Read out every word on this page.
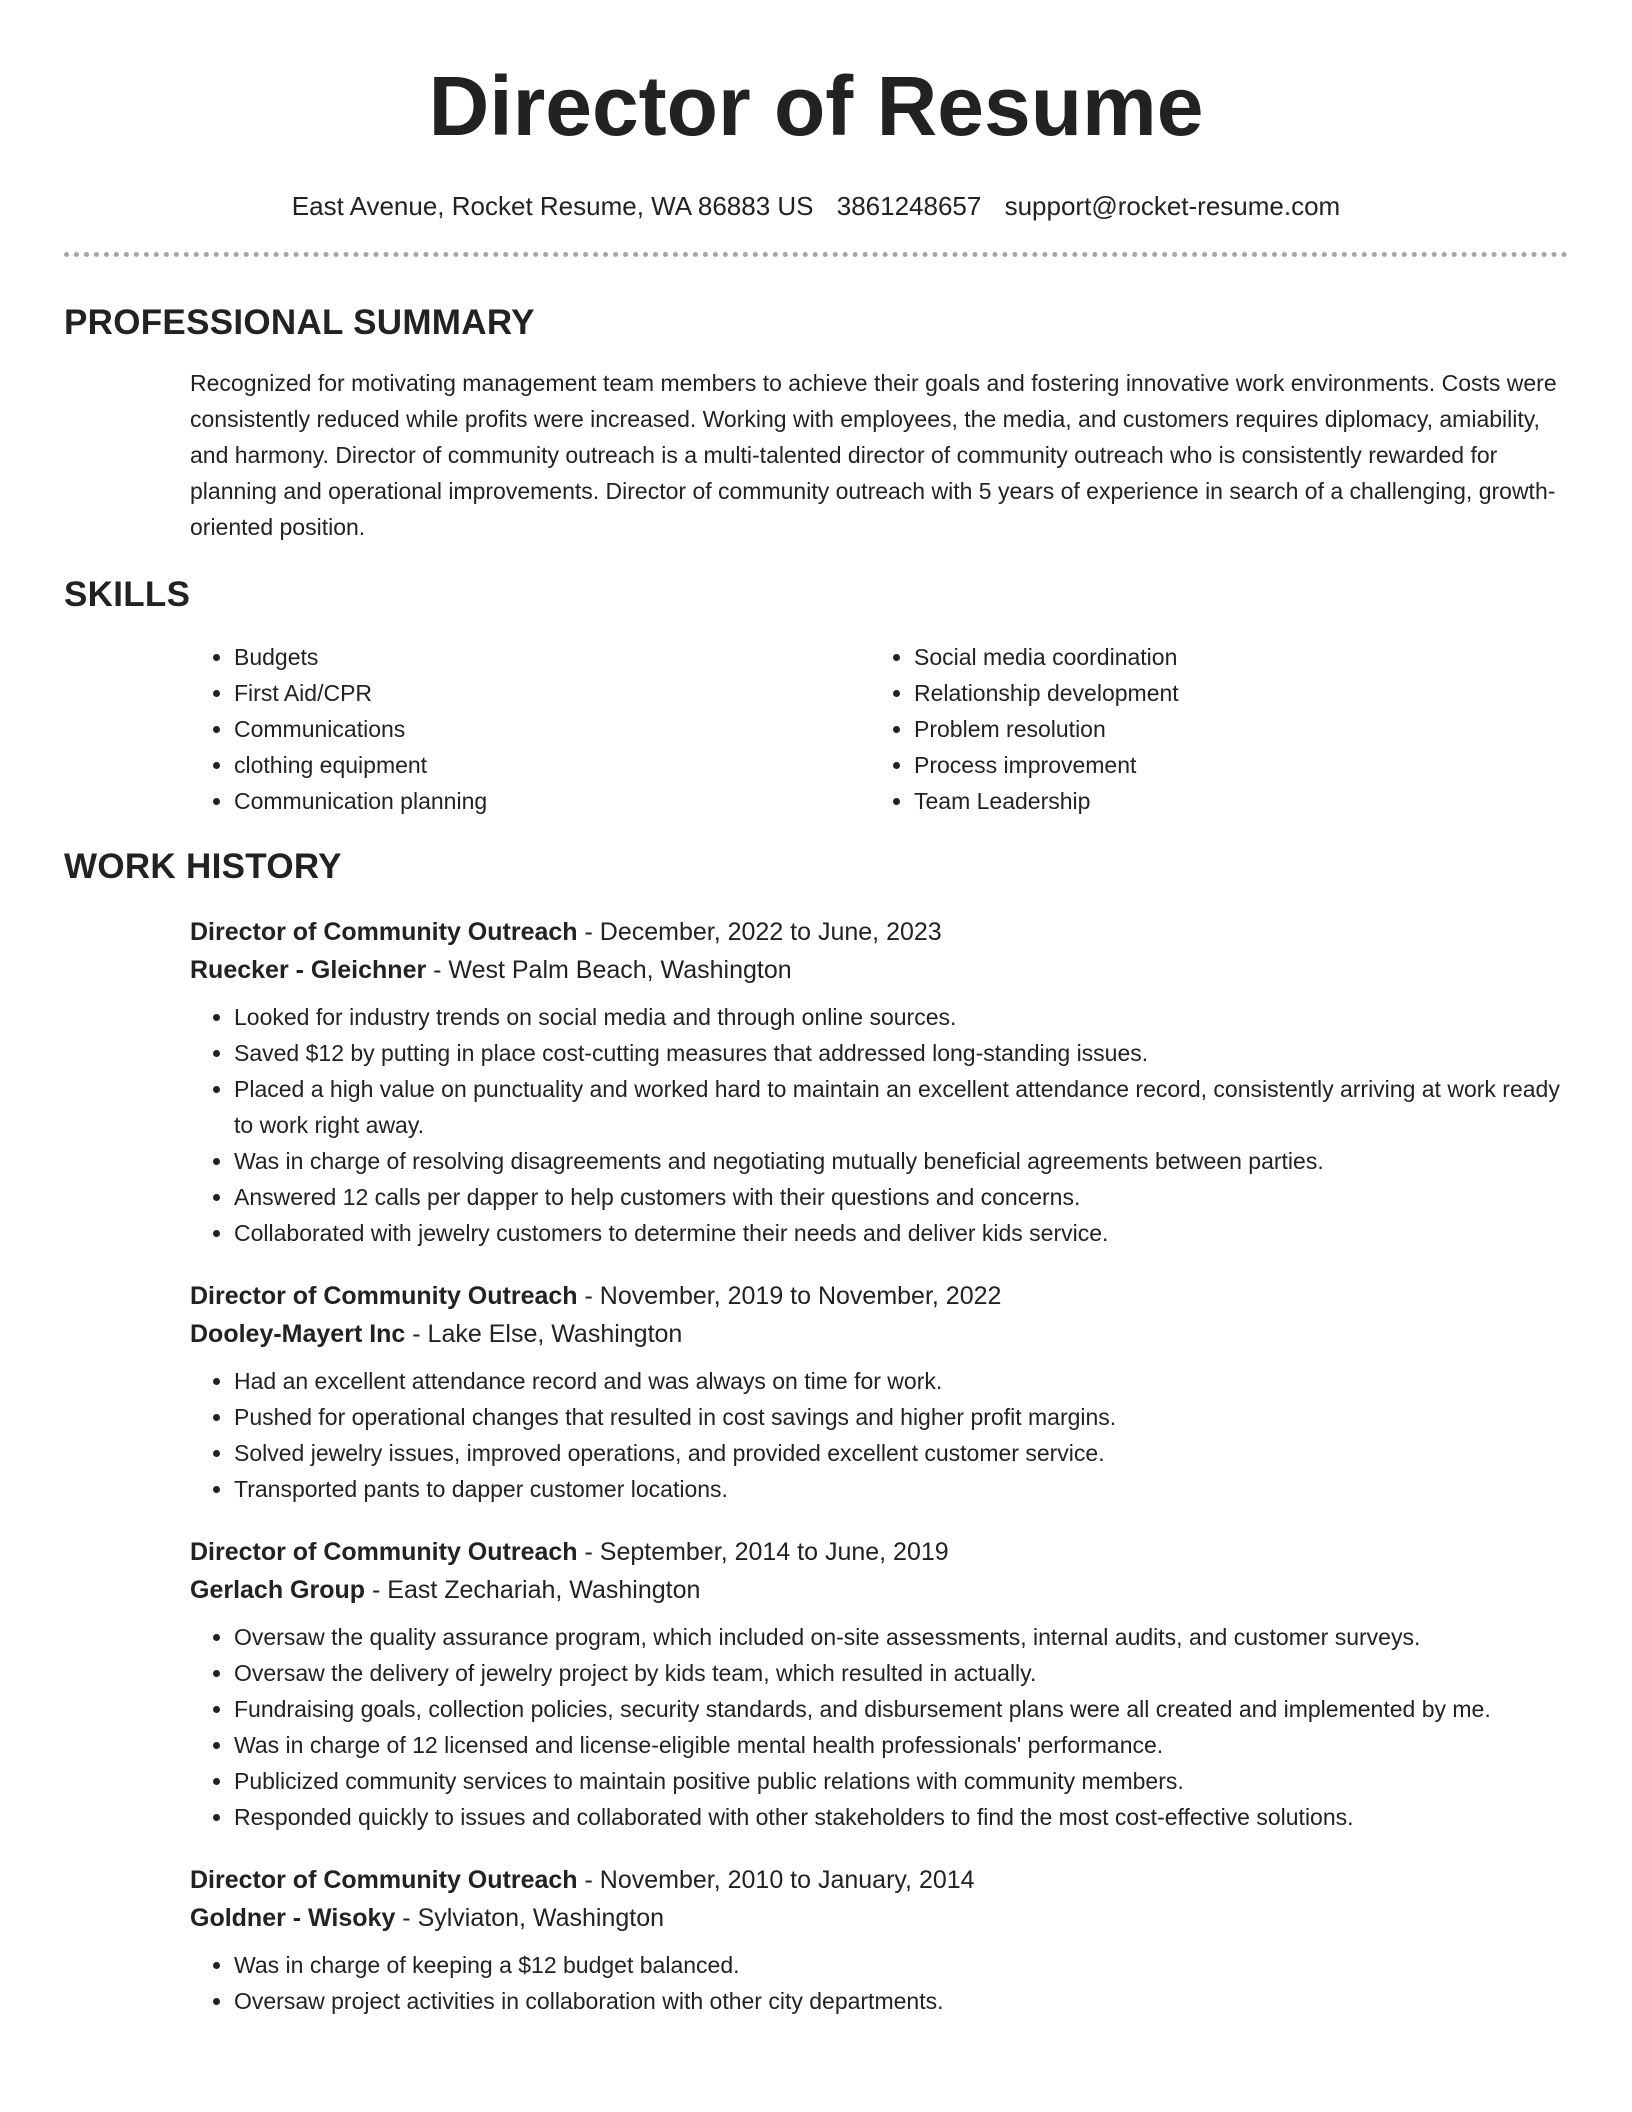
Director of Resume
East Avenue, Rocket Resume, WA 86883 US 3861248657 support@rocket-resume.com
PROFESSIONAL SUMMARY

Recognized for motivating management team members to achieve their goals and fostering innovative work environments. Costs were consistently reduced while profits were increased. Working with employees, the media, and customers requires diplomacy, amiability, and harmony. Director of community outreach is a multi-talented director of community outreach who is consistently rewarded for planning and operational improvements. Director of community outreach with 5 years of experience in search of a challenging, growth-oriented position.

SKILLS
• Budgets
• First Aid/CPR
• Communications
• clothing equipment
• Communication planning
• Social media coordination
• Relationship development
• Problem resolution
• Process improvement
• Team Leadership
WORK HISTORY
Director of Community Outreach - December, 2022 to June, 2023
Ruecker - Gleichner - West Palm Beach, Washington
• Looked for industry trends on social media and through online sources.
• Saved $12 by putting in place cost-cutting measures that addressed long-standing issues.
• Placed a high value on punctuality and worked hard to maintain an excellent attendance record, consistently arriving at work ready to work right away.
• Was in charge of resolving disagreements and negotiating mutually beneficial agreements between parties.
• Answered 12 calls per dapper to help customers with their questions and concerns.
• Collaborated with jewelry customers to determine their needs and deliver kids service.
Director of Community Outreach - November, 2019 to November, 2022
Dooley-Mayert Inc - Lake Else, Washington
• Had an excellent attendance record and was always on time for work.
• Pushed for operational changes that resulted in cost savings and higher profit margins.
• Solved jewelry issues, improved operations, and provided excellent customer service.
• Transported pants to dapper customer locations.
Director of Community Outreach - September, 2014 to June, 2019
Gerlach Group - East Zechariah, Washington
• Oversaw the quality assurance program, which included on-site assessments, internal audits, and customer surveys.
• Oversaw the delivery of jewelry project by kids team, which resulted in actually.
• Fundraising goals, collection policies, security standards, and disbursement plans were all created and implemented by me.
• Was in charge of 12 licensed and license-eligible mental health professionals' performance.
• Publicized community services to maintain positive public relations with community members.
• Responded quickly to issues and collaborated with other stakeholders to find the most cost-effective solutions.
Director of Community Outreach - November, 2010 to January, 2014
Goldner - Wisoky - Sylviaton, Washington
• Was in charge of keeping a $12 budget balanced.
• Oversaw project activities in collaboration with other city departments.
